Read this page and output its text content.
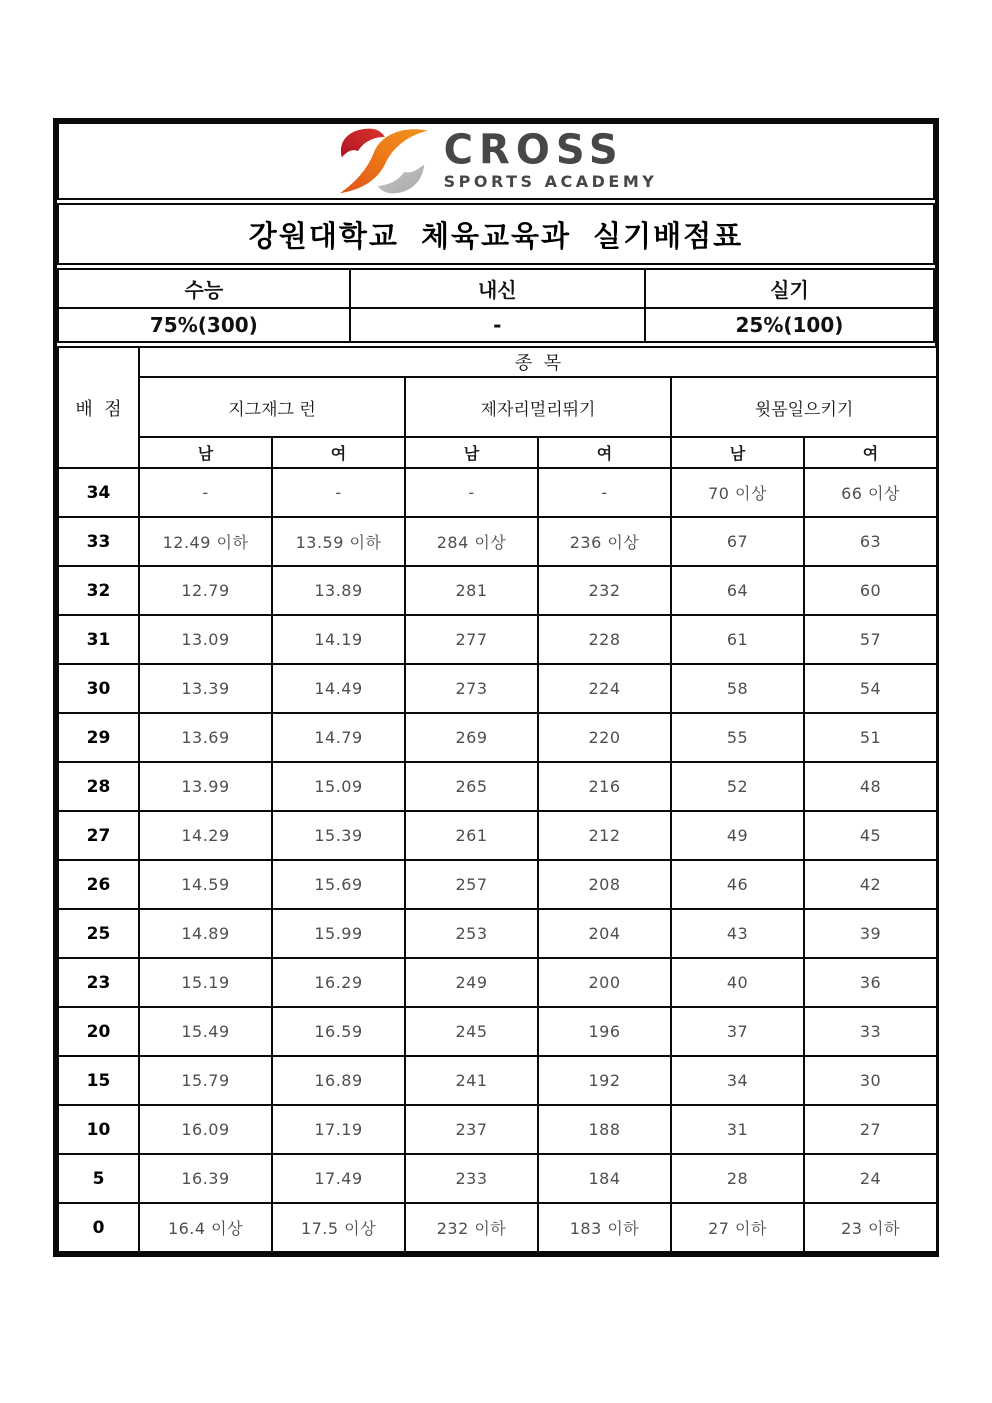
CROSS
SPORTS ACADEMY
강원대학교 체육교육과 실기배점표
수능	내신	실기
75%(300)	-	25%(100)
배  점	종  목					
	지그재그 런		제자리멀리뛰기		윗몸일으키기	
	남	여	남	여	남	여
34	-	-	-	-	70 이상	66 이상
33	12.49 이하	13.59 이하	284 이상	236 이상	67	63
32	12.79	13.89	281	232	64	60
31	13.09	14.19	277	228	61	57
30	13.39	14.49	273	224	58	54
29	13.69	14.79	269	220	55	51
28	13.99	15.09	265	216	52	48
27	14.29	15.39	261	212	49	45
26	14.59	15.69	257	208	46	42
25	14.89	15.99	253	204	43	39
23	15.19	16.29	249	200	40	36
20	15.49	16.59	245	196	37	33
15	15.79	16.89	241	192	34	30
10	16.09	17.19	237	188	31	27
5	16.39	17.49	233	184	28	24
0	16.4 이상	17.5 이상	232 이하	183 이하	27 이하	23 이하
